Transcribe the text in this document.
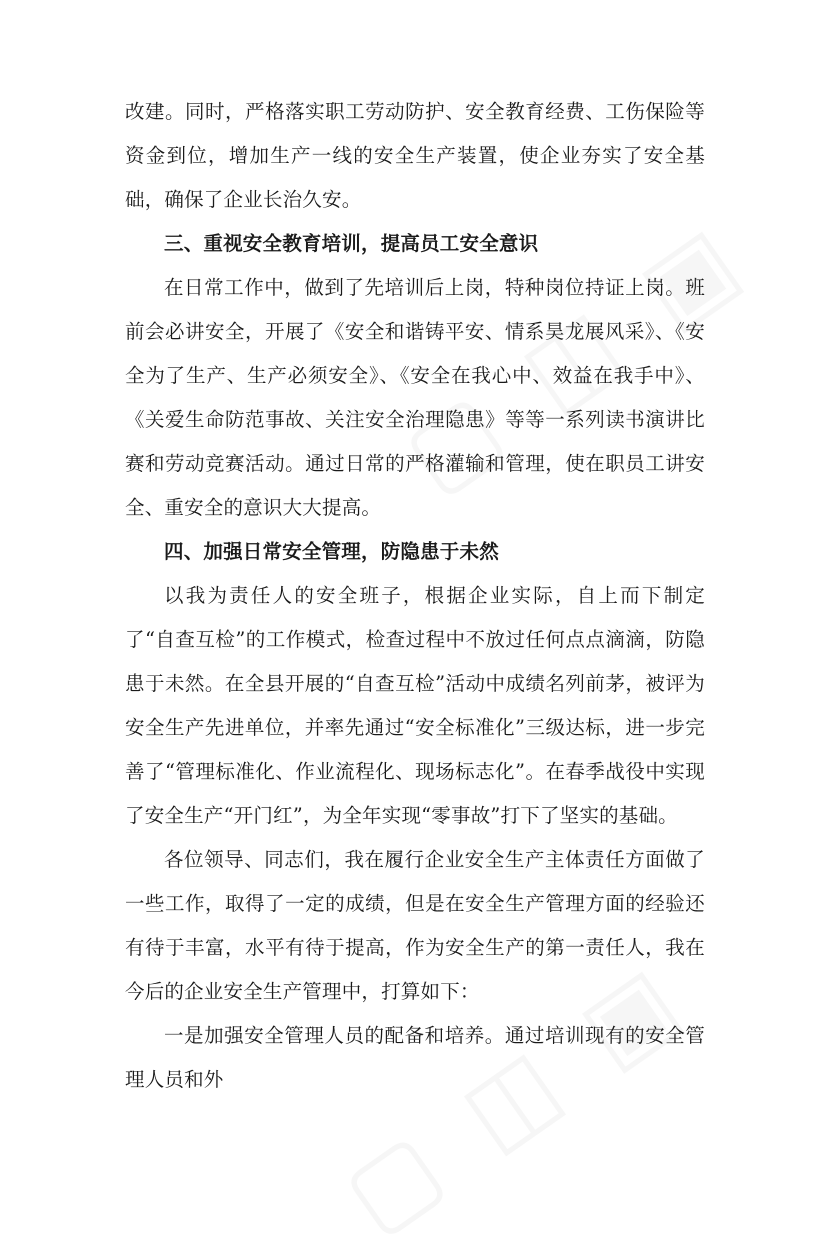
改建。同时，严格落实职工劳动防护、安全教育经费、工伤保险等资金到位，增加生产一线的安全生产装置，使企业夯实了安全基础，确保了企业长治久安。

三、重视安全教育培训，提高员工安全意识

在日常工作中，做到了先培训后上岗，特种岗位持证上岗。班前会必讲安全，开展了《安全和谐铸平安、情系昊龙展风采》、《安全为了生产、生产必须安全》、《安全在我心中、效益在我手中》、《关爱生命防范事故、关注安全治理隐患》等等一系列读书演讲比赛和劳动竞赛活动。通过日常的严格灌输和管理，使在职员工讲安全、重安全的意识大大提高。

四、加强日常安全管理，防隐患于未然

以我为责任人的安全班子，根据企业实际，自上而下制定了“自查互检”的工作模式，检查过程中不放过任何点点滴滴，防隐患于未然。在全县开展的“自查互检”活动中成绩名列前茅，被评为安全生产先进单位，并率先通过“安全标准化”三级达标，进一步完善了“管理标准化、作业流程化、现场标志化”。在春季战役中实现了安全生产“开门红”，为全年实现“零事故”打下了坚实的基础。

各位领导、同志们，我在履行企业安全生产主体责任方面做了一些工作，取得了一定的成绩，但是在安全生产管理方面的经验还有待于丰富，水平有待于提高，作为安全生产的第一责任人，我在今后的企业安全生产管理中，打算如下：

一是加强安全管理人员的配备和培养。通过培训现有的安全管理人员和外
